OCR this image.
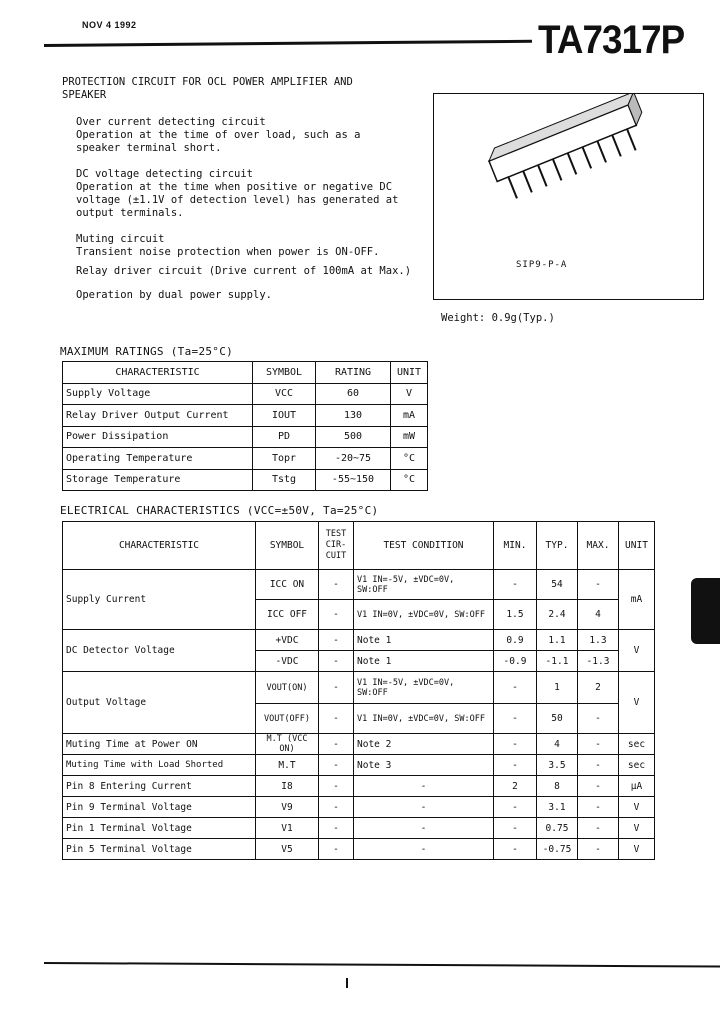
NOV 4 1992	TA7317P
PROTECTION CIRCUIT FOR OCL POWER AMPLIFIER AND SPEAKER
Over current detecting circuit
Operation at the time of over load, such as a speaker terminal short.
DC voltage detecting circuit
Operation at the time when positive or negative DC voltage (±1.1V of detection level) has generated at output terminals.
Muting circuit
Transient noise protection when power is ON-OFF.
Relay driver circuit (Drive current of 100mA at Max.)
Operation by dual power supply.
SIP9-P-A
Weight: 0.9g(Typ.)
MAXIMUM RATINGS (Ta=25°C)
CHARACTERISTIC	SYMBOL	RATING	UNIT
Supply Voltage	VCC	60	V
Relay Driver Output Current	IOUT	130	mA
Power Dissipation	PD	500	mW
Operating Temperature	Topr	-20~75	°C
Storage Temperature	Tstg	-55~150	°C
ELECTRICAL CHARACTERISTICS (VCC=±50V, Ta=25°C)
CHARACTERISTIC	SYMBOL	TEST CIR-CUIT	TEST CONDITION	MIN.	TYP.	MAX.	UNIT
Supply Current	ICC ON	-	V1 IN=-5V, ±VDC=0V, SW:OFF	-	54	-	mA
	ICC OFF	-	V1 IN=0V, ±VDC=0V, SW:OFF	1.5	2.4	4	
DC Detector Voltage	+VDC	-	Note 1	0.9	1.1	1.3	V
	-VDC	-	Note 1	-0.9	-1.1	-1.3	
Output Voltage	VOUT(ON)	-	V1 IN=-5V, ±VDC=0V, SW:OFF	-	1	2	V
	VOUT(OFF)	-	V1 IN=0V, ±VDC=0V, SW:OFF	-	50	-	
Muting Time at Power ON	M.T (VCC ON)	-	Note 2	-	4	-	sec
Muting Time with Load Shorted	M.T	-	Note 3	-	3.5	-	sec
Pin 8 Entering Current	I8	-	-	2	8	-	μA
Pin 9 Terminal Voltage	V9	-	-	-	3.1	-	V
Pin 1 Terminal Voltage	V1	-	-	-	0.75	-	V
Pin 5 Terminal Voltage	V5	-	-	-	-0.75	-	V
